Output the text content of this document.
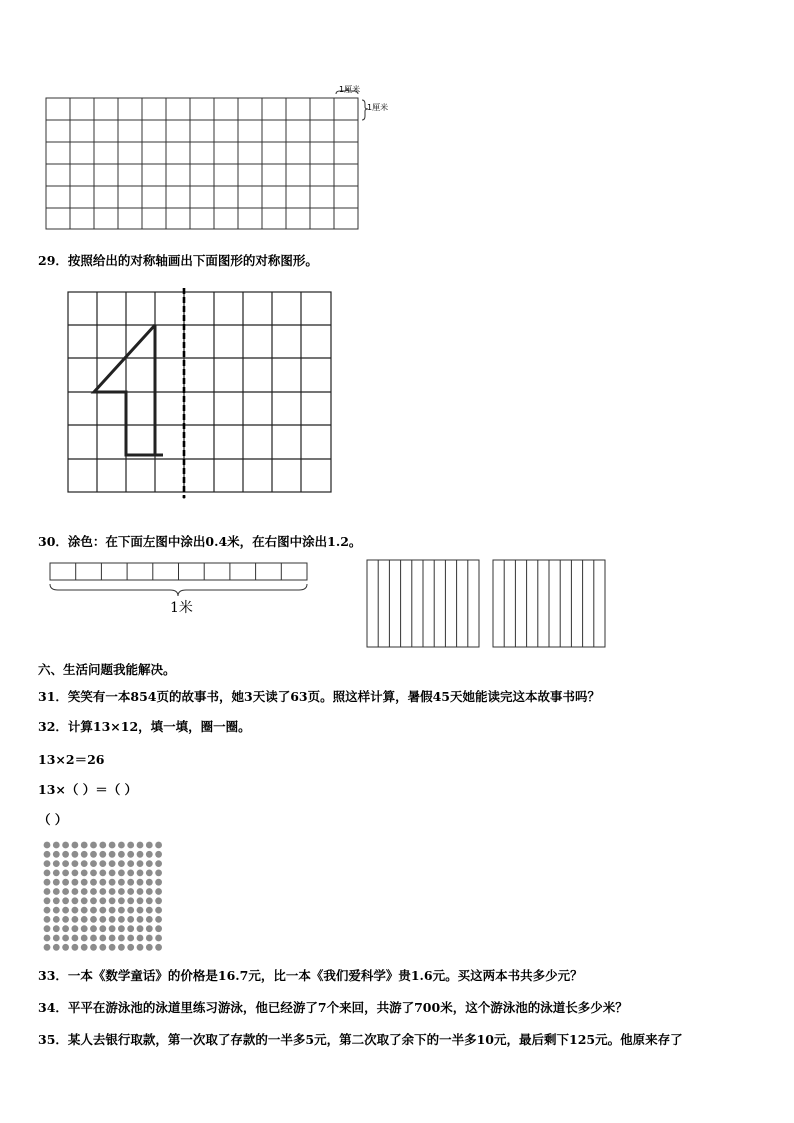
1厘米
1厘米
29．按照给出的对称轴画出下面图形的对称图形。
30．涂色：在下面左图中涂出0.4米，在右图中涂出1.2。
1米
六、生活问题我能解决。
31．笑笑有一本854页的故事书，她3天读了63页。照这样计算，暑假45天她能读完这本故事书吗？
32．计算13×12，填一填，圈一圈。
13×2＝26
13×（ ）＝（ ）
（ ）
33．一本《数学童话》的价格是16.7元，比一本《我们爱科学》贵1.6元。买这两本书共多少元？
34．平平在游泳池的泳道里练习游泳，他已经游了7个来回，共游了700米，这个游泳池的泳道长多少米？
35．某人去银行取款，第一次取了存款的一半多5元，第二次取了余下的一半多10元，最后剩下125元。他原来存了
